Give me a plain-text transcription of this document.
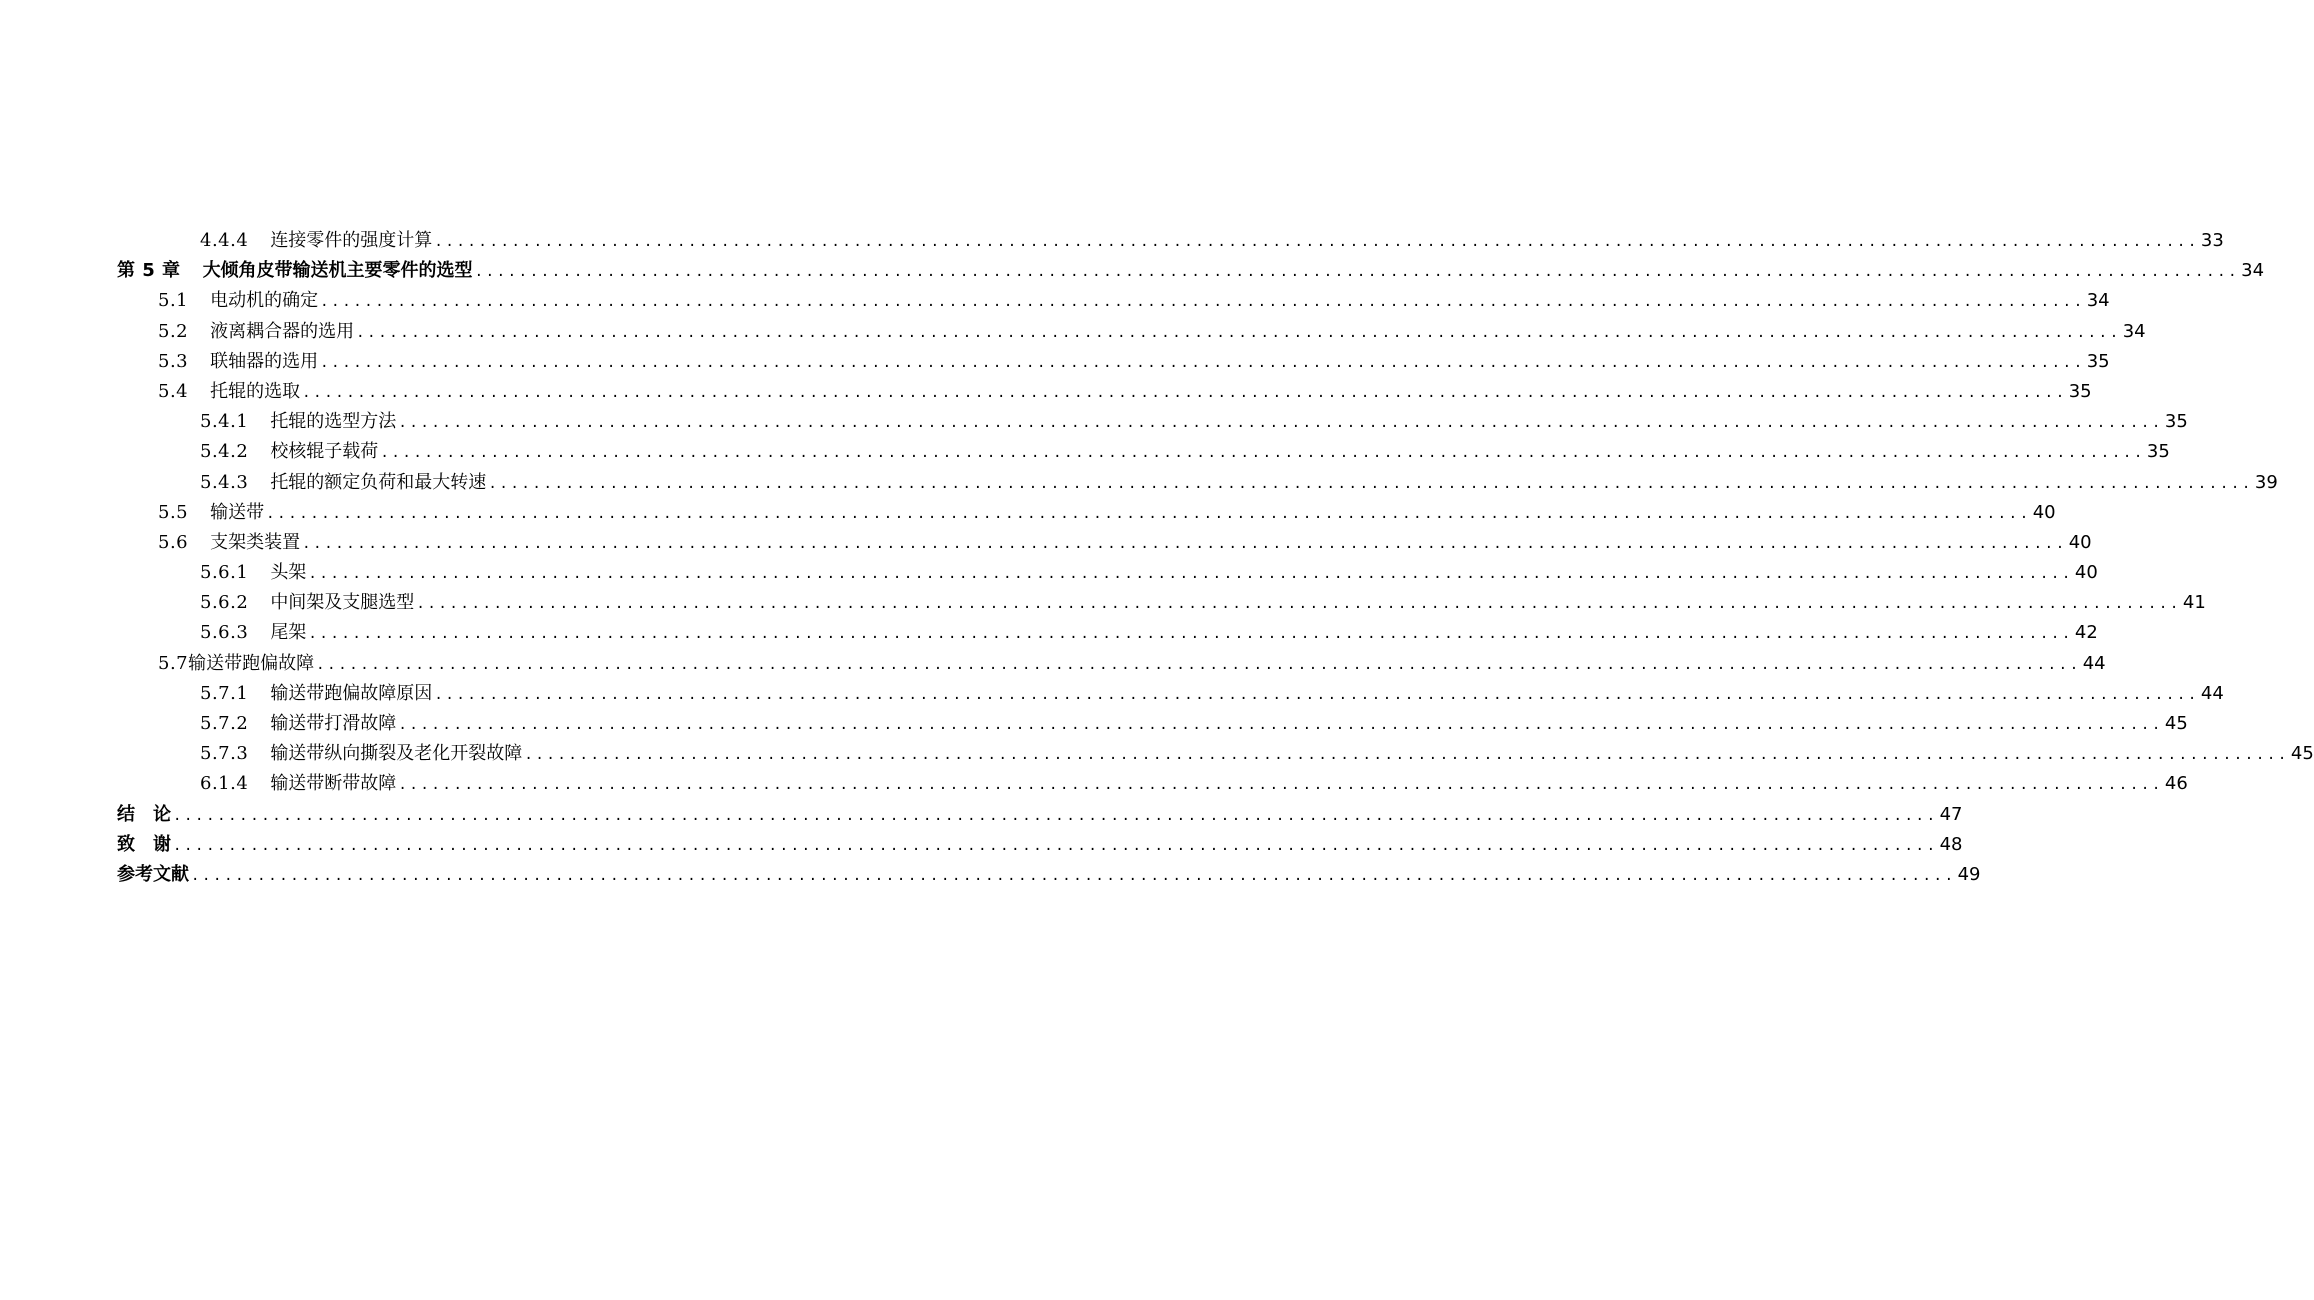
4.4.4 连接零件的强度计算 ................................................................................................................................................................ 33
第 5 章 大倾角皮带输送机主要零件的选型 ................................................................................................................................................................ 34
5.1 电动机的确定 ................................................................................................................................................................ 34
5.2 液离耦合器的选用 ................................................................................................................................................................ 34
5.3 联轴器的选用 ................................................................................................................................................................ 35
5.4 托辊的选取 ................................................................................................................................................................ 35
5.4.1 托辊的选型方法 ................................................................................................................................................................ 35
5.4.2 校核辊子载荷 ................................................................................................................................................................ 35
5.4.3 托辊的额定负荷和最大转速 ................................................................................................................................................................ 39
5.5 输送带 ................................................................................................................................................................ 40
5.6 支架类装置 ................................................................................................................................................................ 40
5.6.1 头架 ................................................................................................................................................................ 40
5.6.2 中间架及支腿选型 ................................................................................................................................................................ 41
5.6.3 尾架 ................................................................................................................................................................ 42
5.7 输送带跑偏故障 ................................................................................................................................................................ 44
5.7.1 输送带跑偏故障原因 ................................................................................................................................................................ 44
5.7.2 输送带打滑故障 ................................................................................................................................................................ 45
5.7.3 输送带纵向撕裂及老化开裂故障 ................................................................................................................................................................ 45
6.1.4 输送带断带故障 ................................................................................................................................................................ 46
结　论 ................................................................................................................................................................ 47
致　谢 ................................................................................................................................................................ 48
参考文献 ................................................................................................................................................................ 49
